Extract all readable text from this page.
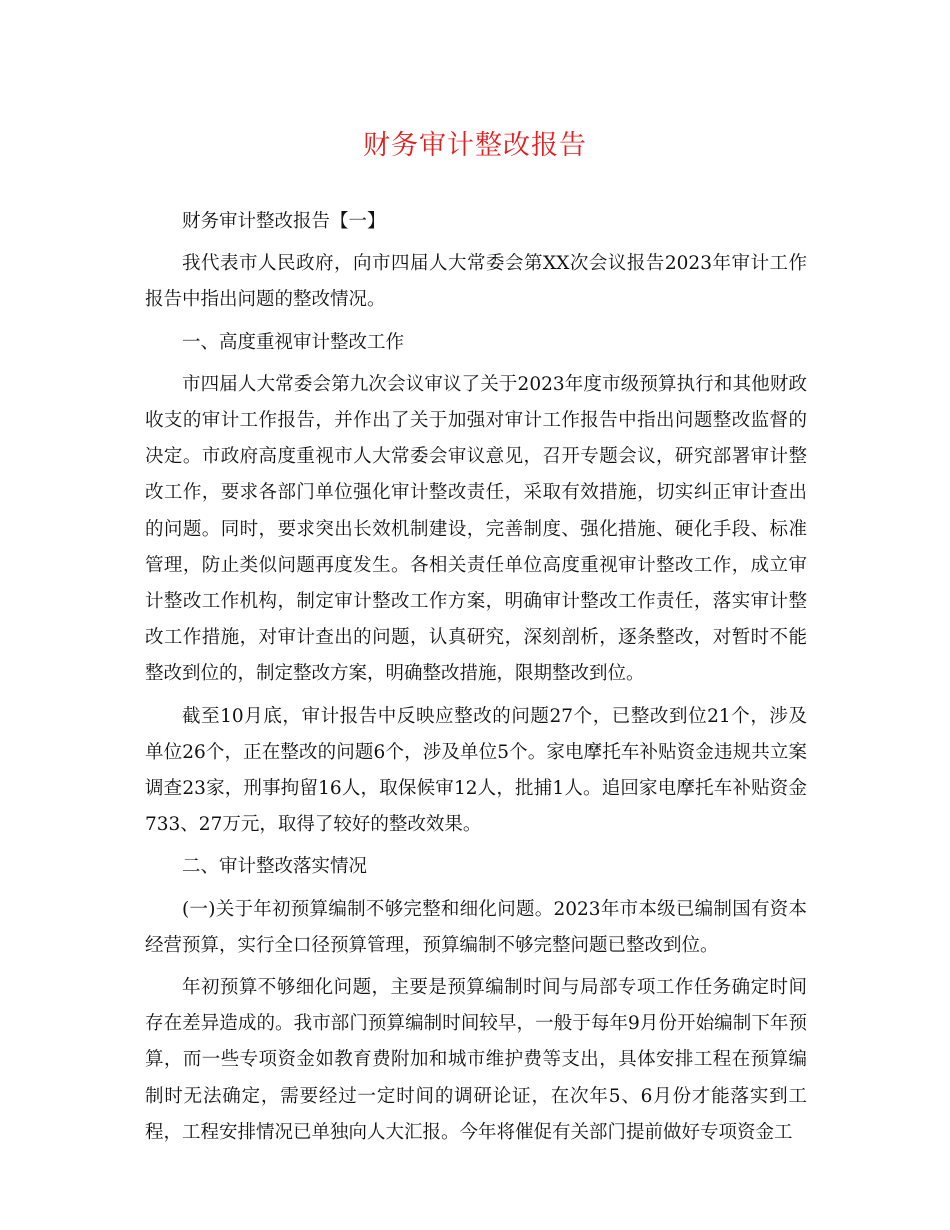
财务审计整改报告

财务审计整改报告【一】

我代表市人民政府，向市四届人大常委会第XX次会议报告2023年审计工作报告中指出问题的整改情况。

一、高度重视审计整改工作

市四届人大常委会第九次会议审议了关于2023年度市级预算执行和其他财政收支的审计工作报告，并作出了关于加强对审计工作报告中指出问题整改监督的决定。市政府高度重视市人大常委会审议意见，召开专题会议，研究部署审计整改工作，要求各部门单位强化审计整改责任，采取有效措施，切实纠正审计查出的问题。同时，要求突出长效机制建设，完善制度、强化措施、硬化手段、标准管理，防止类似问题再度发生。各相关责任单位高度重视审计整改工作，成立审计整改工作机构，制定审计整改工作方案，明确审计整改工作责任，落实审计整改工作措施，对审计查出的问题，认真研究，深刻剖析，逐条整改，对暂时不能整改到位的，制定整改方案，明确整改措施，限期整改到位。

截至10月底，审计报告中反映应整改的问题27个，已整改到位21个，涉及单位26个，正在整改的问题6个，涉及单位5个。家电摩托车补贴资金违规共立案调查23家，刑事拘留16人，取保候审12人，批捕1人。追回家电摩托车补贴资金733、27万元，取得了较好的整改效果。

二、审计整改落实情况

(一)关于年初预算编制不够完整和细化问题。2023年市本级已编制国有资本经营预算，实行全口径预算管理，预算编制不够完整问题已整改到位。

年初预算不够细化问题，主要是预算编制时间与局部专项工作任务确定时间存在差异造成的。我市部门预算编制时间较早，一般于每年9月份开始编制下年预算，而一些专项资金如教育费附加和城市维护费等支出，具体安排工程在预算编制时无法确定，需要经过一定时间的调研论证，在次年5、6月份才能落实到工程，工程安排情况已单独向人大汇报。今年将催促有关部门提前做好专项资金工
